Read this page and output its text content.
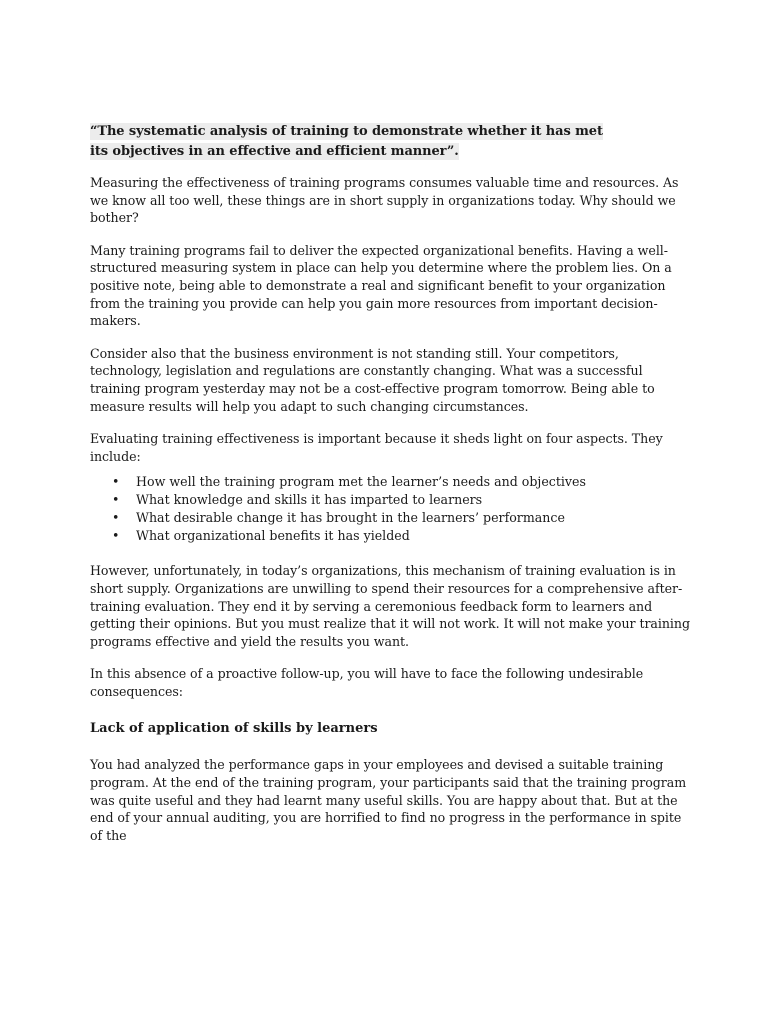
“The systematic analysis of training to demonstrate whether it has met
its objectives in an effective and efficient manner”.

Measuring the effectiveness of training programs consumes valuable time and resources. As we know all too well, these things are in short supply in organizations today. Why should we bother?

Many training programs fail to deliver the expected organizational benefits. Having a well-structured measuring system in place can help you determine where the problem lies. On a positive note, being able to demonstrate a real and significant benefit to your organization from the training you provide can help you gain more resources from important decision-makers.

Consider also that the business environment is not standing still. Your competitors, technology, legislation and regulations are constantly changing. What was a successful training program yesterday may not be a cost-effective program tomorrow. Being able to measure results will help you adapt to such changing circumstances.

Evaluating training effectiveness is important because it sheds light on four aspects. They include:

• How well the training program met the learner’s needs and objectives
• What knowledge and skills it has imparted to learners
• What desirable change it has brought in the learners’ performance
• What organizational benefits it has yielded

However, unfortunately, in today’s organizations, this mechanism of training evaluation is in short supply. Organizations are unwilling to spend their resources for a comprehensive after-training evaluation. They end it by serving a ceremonious feedback form to learners and getting their opinions. But you must realize that it will not work. It will not make your training programs effective and yield the results you want.

In this absence of a proactive follow-up, you will have to face the following undesirable consequences:

Lack of application of skills by learners

You had analyzed the performance gaps in your employees and devised a suitable training program. At the end of the training program, your participants said that the training program was quite useful and they had learnt many useful skills. You are happy about that. But at the end of your annual auditing, you are horrified to find no progress in the performance in spite of the
